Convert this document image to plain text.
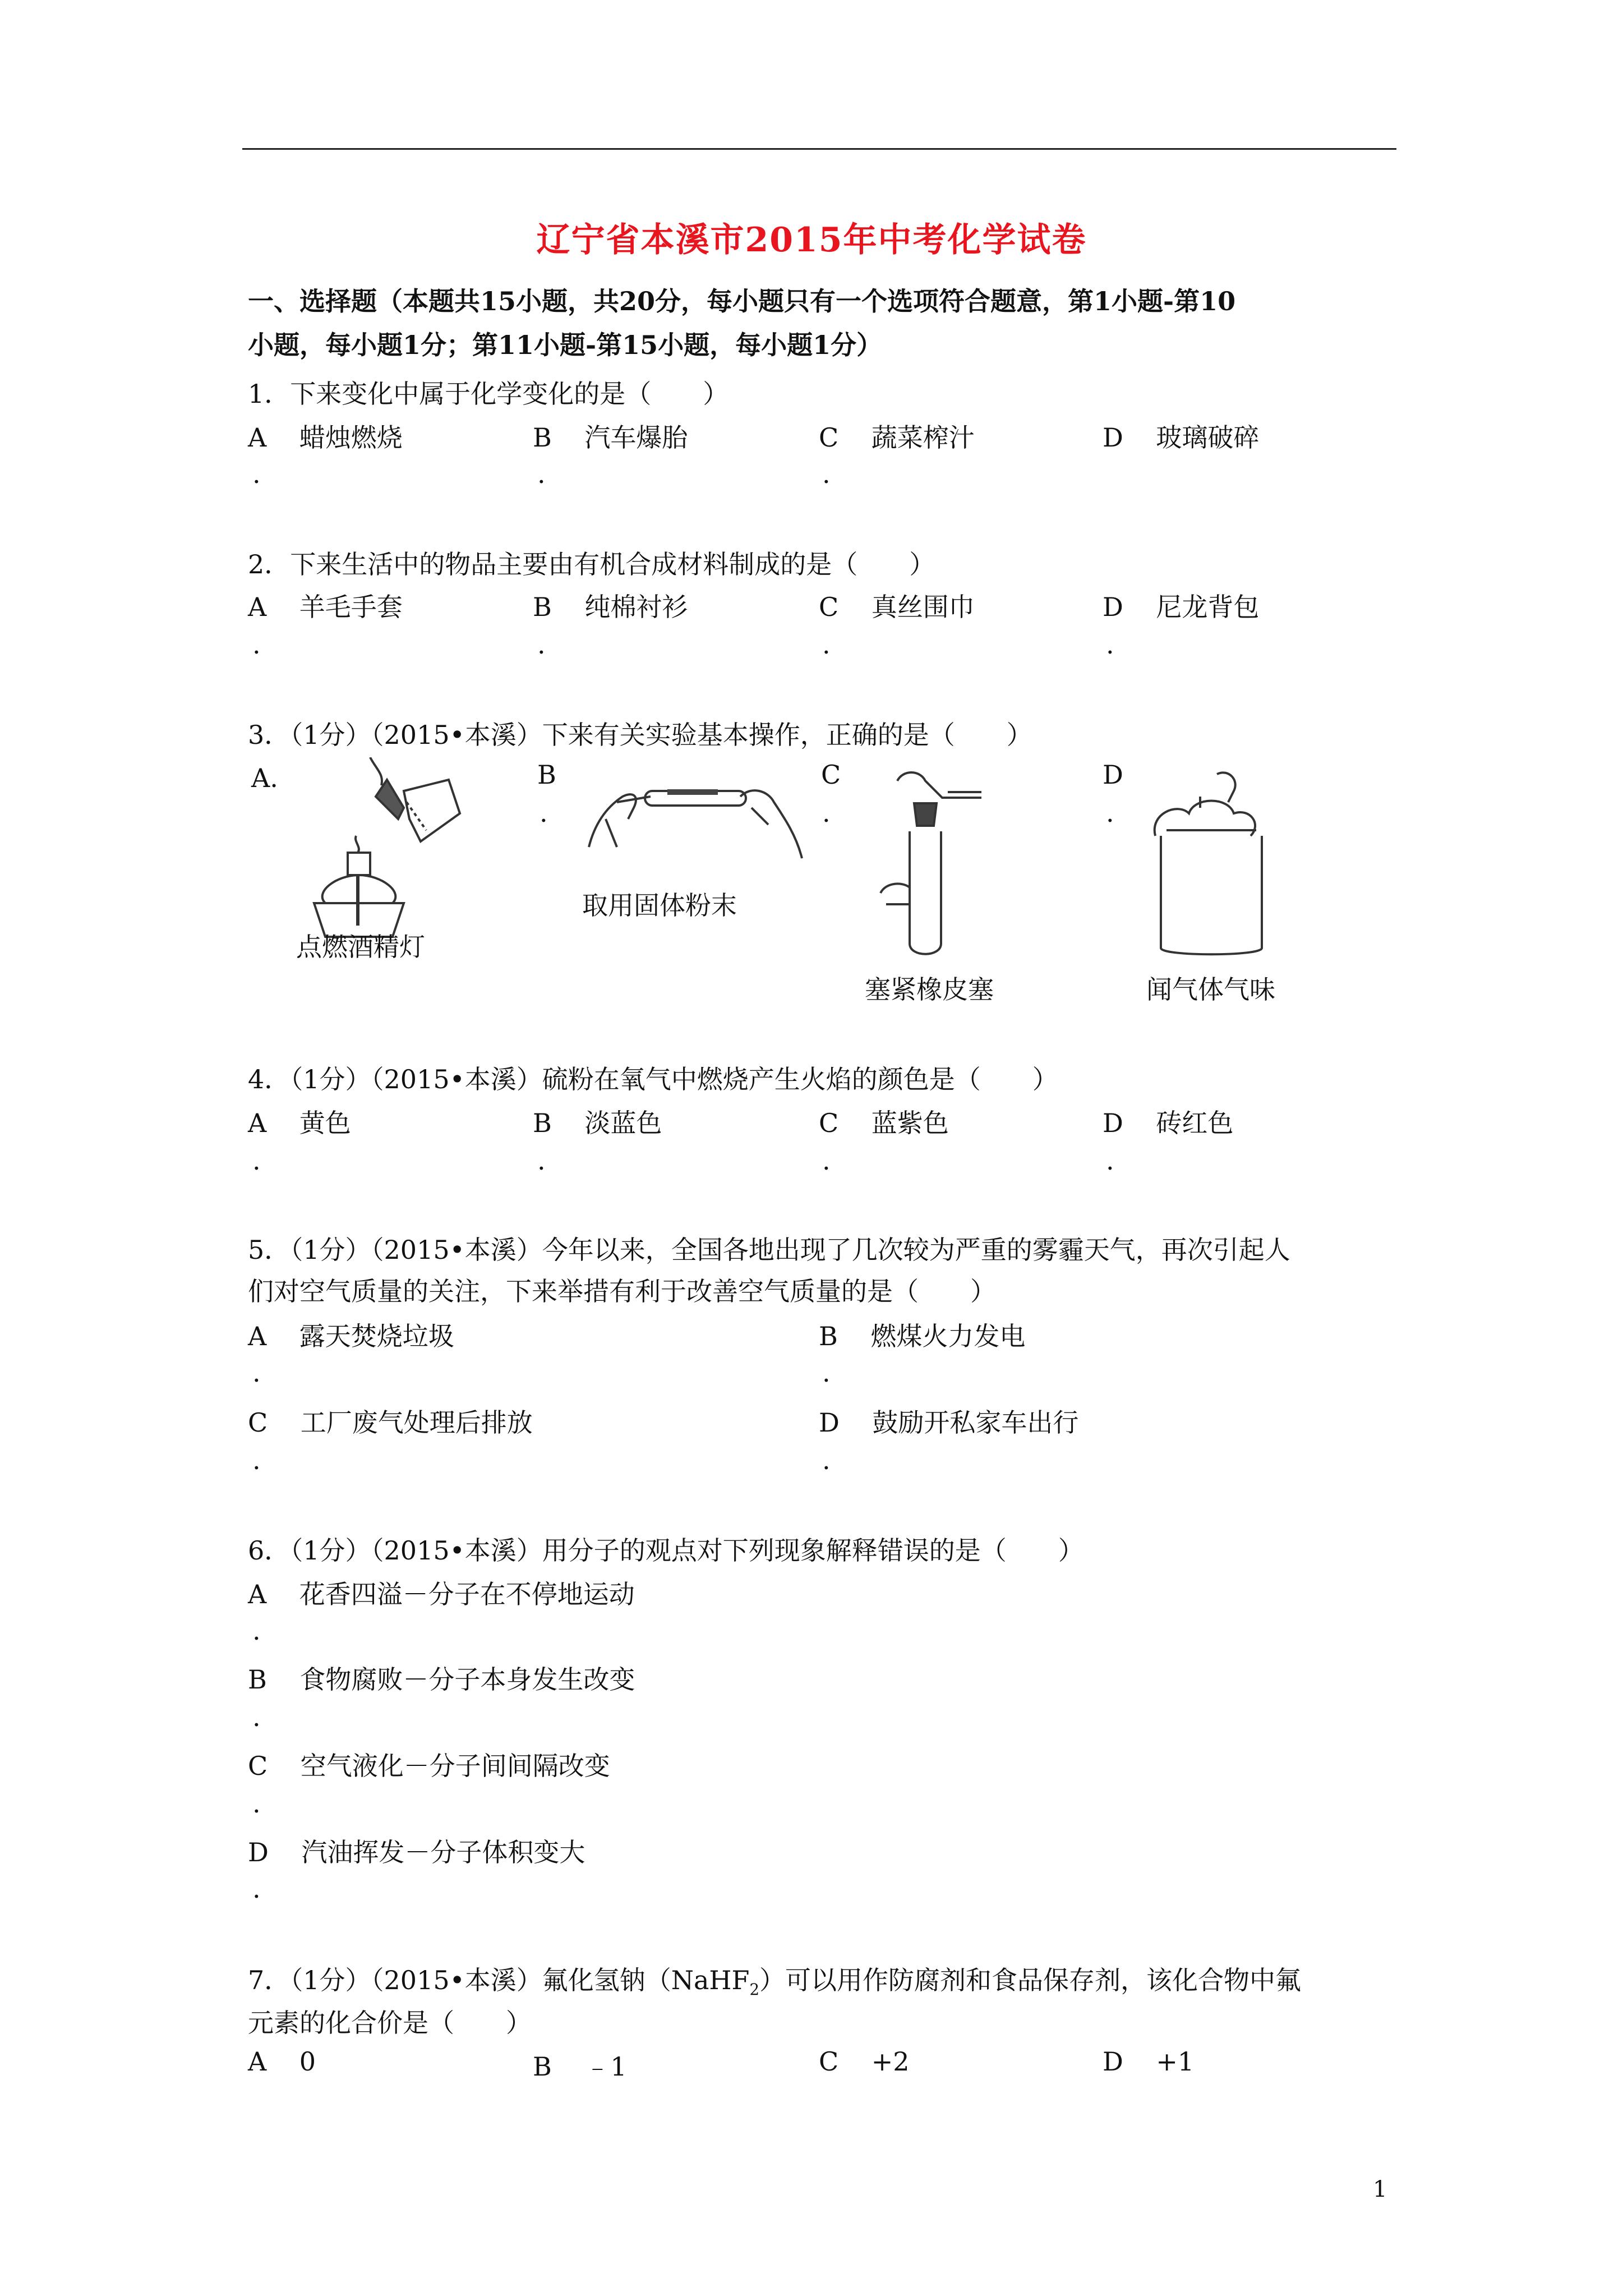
辽宁省本溪市2015年中考化学试卷
一、选择题（本题共15小题，共20分，每小题只有一个选项符合题意，第1小题-第10
小题，每小题1分；第11小题-第15小题，每小题1分）
1．下来变化中属于化学变化的是（　　）
A 蜡烛燃烧	B 汽车爆胎	C 蔬菜榨汁	D 玻璃破碎
.	.	.
2．下来生活中的物品主要由有机合成材料制成的是（　　）
A 羊毛手套	B 纯棉衬衫	C 真丝围巾	D 尼龙背包
.	.	.	.
3．（1分）（2015•本溪）下来有关实验基本操作，正确的是（　　）
A.	B	C	D
.	.	.
点燃酒精灯
取用固体粉末
塞紧橡皮塞	闻气体气味
4．（1分）（2015•本溪）硫粉在氧气中燃烧产生火焰的颜色是（　　）
A 黄色	B 淡蓝色	C 蓝紫色	D 砖红色
.	.	.	.
5．（1分）（2015•本溪）今年以来，全国各地出现了几次较为严重的雾霾天气，再次引起人
们对空气质量的关注，下来举措有利于改善空气质量的是（　　）
A 露天焚烧垃圾	B 燃煤火力发电
.	.
C 工厂废气处理后排放	D 鼓励开私家车出行
.	.
6．（1分）（2015•本溪）用分子的观点对下列现象解释错误的是（　　）
A 花香四溢－分子在不停地运动
.
B 食物腐败－分子本身发生改变
.
C 空气液化－分子间间隔改变
.
D 汽油挥发－分子体积变大
.
7．（1分）（2015•本溪）氟化氢钠（NaHF$_2$）可以用作防腐剂和食品保存剂，该化合物中氟
元素的化合价是（　　）
A 0	B ﹣1	C +2	D +1
1
